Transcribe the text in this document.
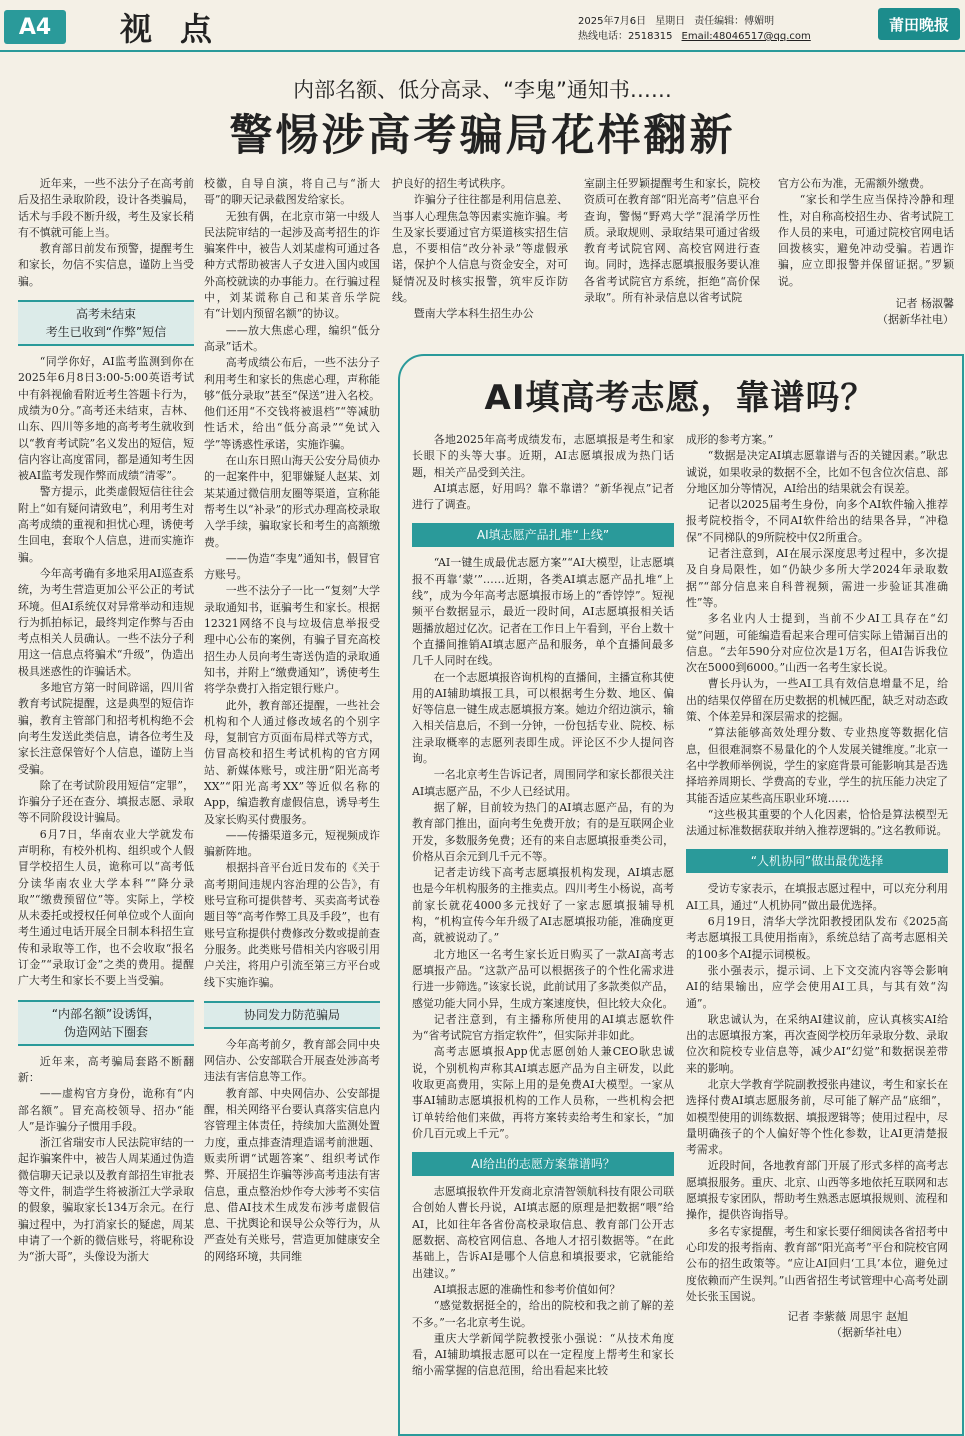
A4	视点	2025年7月6日 星期日 责任编辑：傅媚明
热线电话：2518315 Email:48046517@qq.com
莆田晚报
内部名额、低分高录、“李鬼”通知书……
警惕涉高考骗局花样翻新

近年来，一些不法分子在高考前后及招生录取阶段，设计各类骗局，话术与手段不断升级，考生及家长稍有不慎就可能上当。

教育部日前发布预警，提醒考生和家长，勿信不实信息，谨防上当受骗。

高考未结束
考生已收到“作弊”短信

“同学你好，AI监考监测到你在2025年6月8日3:00-5:00英语考试中有斜视偷看附近考生答题卡行为，成绩为0分。”高考还未结束，吉林、山东、四川等多地的高考考生就收到以“教育考试院”名义发出的短信，短信内容让高度雷同，都是通知考生因被AI监考发现作弊而成绩“清零”。

警方提示，此类虚假短信往往会附上“如有疑问请致电”，利用考生对高考成绩的重视和担忧心理，诱使考生回电，套取个人信息，进而实施诈骗。

今年高考确有多地采用AI巡查系统，为考生营造更加公平公正的考试环境。但AI系统仅对异常举动和违规行为抓拍标记，最终判定作弊与否由考点相关人员确认。一些不法分子利用这一信息点将骗术“升级”，伪造出极具迷惑性的诈骗话术。

多地官方第一时间辟谣，四川省教育考试院提醒，这是典型的短信诈骗，教育主管部门和招考机构绝不会向考生发送此类信息，请各位考生及家长注意保管好个人信息，谨防上当受骗。

除了在考试阶段用短信“定罪”，诈骗分子还在查分、填报志愿、录取等不同阶段设计骗局。

6月7日，华南农业大学就发布声明称，有校外机构、组织或个人假冒学校招生人员，诡称可以“高考低分读华南农业大学本科”“降分录取”“缴费预留位”等。实际上，学校从未委托或授权任何单位或个人面向考生通过电话开展全日制本科招生宣传和录取等工作，也不会收取“报名订金”“录取订金”之类的费用。提醒广大考生和家长不要上当受骗。

“内部名额”设诱饵，
伪造网站下圈套

近年来，高考骗局套路不断翻新：

——虚构官方身份，诡称有“内部名额”。冒充高校领导、招办“能人”是诈骗分子惯用手段。

浙江省瑞安市人民法院审结的一起诈骗案件中，被告人周某通过伪造微信聊天记录以及教育部招生审批表等文件，制造学生将被浙江大学录取的假象，骗取家长134万余元。在行骗过程中，为打消家长的疑虑，周某申请了一个新的微信账号，将昵称设为“浙大哥”，头像设为浙大

校徽，自导自演，将自己与“浙大哥”的聊天记录截图发给家长。

无独有偶，在北京市第一中级人民法院审结的一起涉及高考招生的诈骗案件中，被告人刘某虚构可通过各种方式帮助被害人子女进入国内或国外高校就读的办事能力。在行骗过程中，刘某谎称自己和某音乐学院有“计划内预留名额”的协议。

——放大焦虑心理，编织“低分高录”话术。

高考成绩公布后，一些不法分子利用考生和家长的焦虑心理，声称能够“低分录取”甚至“保送”进入名校。他们还用“不交钱将被退档”“等减肋性话术，给出“低分高录”“免试入学”等诱惑性承诺，实施诈骗。

在山东日照山海天公安分局侦办的一起案件中，犯罪嫌疑人赵某、刘某某通过微信朋友圈等渠道，宣称能帮考生以“补录”的形式办理高校录取入学手续，骗取家长和考生的高额缴费。

——伪造“李鬼”通知书，假冒官方账号。

一些不法分子一比一“复刻”大学录取通知书，诓骗考生和家长。根据12321网络不良与垃圾信息举报受理中心公布的案例，有骗子冒充高校招生办人员向考生寄送伪造的录取通知书，并附上“缴费通知”，诱使考生将学杂费打入指定银行账户。

此外，教育部还提醒，一些社会机构和个人通过修改域名的个别字母，复制官方页面布局样式等方式，仿冒高校和招生考试机构的官方网站、新媒体账号，或注册“阳光高考XX”“阳光高考XX”等近似名称的App，编造教育虚假信息，诱导考生及家长购买付费服务。

——传播渠道多元，短视频成诈骗新阵地。

根据抖音平台近日发布的《关于高考期间违规内容治理的公告》，有账号宣称可提供替考、买卖高考试卷题目等“高考作弊工具及手段”，也有账号宣称提供付费修改分数或提前查分服务。此类账号借相关内容吸引用户关注，将用户引流至第三方平台或线下实施诈骗。

协同发力防范骗局

今年高考前夕，教育部会同中央网信办、公安部联合开展查处涉高考违法有害信息等工作。

教育部、中央网信办、公安部提醒，相关网络平台要认真落实信息内容管理主体责任，持续加大监测处置力度，重点排查清理造谣考前泄题、贩卖所谓“试题答案”、组织考试作弊、开展招生诈骗等涉高考违法有害信息，重点整治炒作夸大涉考不实信息、借AI技术生成发布涉考虚假信息、干扰舆论和误导公众等行为，从严查处有关账号，营造更加健康安全的网络环境，共同维

护良好的招生考试秩序。

诈骗分子往往都是利用信息差、当事人心理焦急等因素实施诈骗。考生及家长要通过官方渠道核实招生信息，不要相信“改分补录”等虚假承诺，保护个人信息与资金安全，对可疑情况及时核实报警，筑牢反诈防线。

暨南大学本科生招生办公

室副主任罗颖提醒考生和家长，院校资质可在教育部“阳光高考”信息平台查询，警惕“野鸡大学”混淆学历性质。录取规则、录取结果可通过省级教育考试院官网、高校官网进行查询。同时，选择志愿填报服务要认准各省考试院官方系统，拒绝“高价保录取”。所有补录信息以省考试院

官方公布为准，无需额外缴费。

“家长和学生应当保持冷静和理性，对自称高校招生办、省考试院工作人员的来电，可通过院校官网电话回拨核实，避免冲动受骗。若遇诈骗，应立即报警并保留证据。”罗颖说。

记者 杨淑馨
（据新华社电）
AI填高考志愿，靠谱吗？

各地2025年高考成绩发布，志愿填报是考生和家长眼下的头等大事。近期，AI志愿填报成为热门话题，相关产品受到关注。

AI填志愿，好用吗？靠不靠谱？“新华视点”记者进行了调查。

AI填志愿产品扎堆“上线”

“AI一键生成最优志愿方案”“AI大模型，让志愿填报不再靠‘蒙’”……近期，各类AI填志愿产品扎堆“上线”，成为今年高考志愿填报市场上的“香饽饽”。短视频平台数据显示，最近一段时间，AI志愿填报相关话题播放超过亿次。记者在工作日上午看到，平台上数十个直播间推销AI填志愿产品和服务，单个直播间最多几千人同时在线。

在一个志愿填报咨询机构的直播间，主播宣称其使用的AI辅助填报工具，可以根据考生分数、地区、偏好等信息一键生成志愿填报方案。她边介绍边演示，输入相关信息后，不到一分钟，一份包括专业、院校、标注录取概率的志愿列表即生成。评论区不少人提问咨询。

一名北京考生告诉记者，周围同学和家长都很关注AI填志愿产品，不少人已经试用。

据了解，目前较为热门的AI填志愿产品，有的为教育部门推出，面向考生免费开放；有的是互联网企业开发，多数服务免费；还有的来自志愿填报垂类公司，价格从百余元到几千元不等。

记者走访线下高考志愿填报机构发现，AI填志愿也是今年机构服务的主推卖点。四川考生小杨说，高考前家长就花4000多元找好了一家志愿填报辅导机构，“机构宣传今年升级了AI志愿填报功能，准确度更高，就被说动了。”

北方地区一名考生家长近日购买了一款AI高考志愿填报产品。“这款产品可以根据孩子的个性化需求进行进一步筛选。”该家长说，此前试用了多款类似产品，感觉功能大同小异，生成方案速度快，但比较大众化。

记者注意到，有主播称所使用的AI填志愿软件为“省考试院官方指定软件”，但实际并非如此。

高考志愿填报App优志愿创始人兼CEO耿忠诚说，个别机构声称其AI填志愿产品为自主研发，以此收取更高费用，实际上用的是免费AI大模型。一家从事AI辅助志愿填报机构的工作人员称，一些机构会把订单转给他们来做，再将方案转卖给考生和家长，“加价几百元或上千元”。

AI给出的志愿方案靠谱吗？

志愿填报软件开发商北京清智领航科技有限公司联合创始人曹长丹说，AI填志愿的原理是把数据“喂”给AI，比如往年各省份高校录取信息、教育部门公开志愿数据、高校官网信息、各地人才招引数据等。“在此基础上，告诉AI是哪个人信息和填报要求，它就能给出建议。”

AI填报志愿的准确性和参考价值如何？

“感觉数据挺全的，给出的院校和我之前了解的差不多。”一名北京考生说。

重庆大学新闻学院教授张小强说：“从技术角度看，AI辅助填报志愿可以在一定程度上帮考生和家长缩小需掌握的信息范围，给出看起来比较

成形的参考方案。”

“数据是决定AI填志愿靠谱与否的关键因素。”耿忠诚说，如果收录的数据不全，比如不包含位次信息、部分地区加分等情况，AI给出的结果就会有误差。

记者以2025届考生身份，向多个AI软件输入推荐报考院校指令，不同AI软件给出的结果各异，“冲稳保”不同梯队的9所院校中仅2所重合。

记者注意到，AI在展示深度思考过程中，多次提及自身局限性，如“仍缺少多所大学2024年录取数据”“部分信息来自科普视频，需进一步验证其准确性”等。

多名业内人士提到，当前不少AI工具存在“幻觉”问题，可能编造看起来合理可信实际上错漏百出的信息。“去年590分对应位次是1万名，但AI告诉我位次在5000到6000。”山西一名考生家长说。

曹长丹认为，一些AI工具有效信息增量不足，给出的结果仅停留在历史数据的机械匹配，缺乏对动态政策、个体差异和深层需求的挖掘。

“算法能够高效处理分数、专业热度等数据化信息，但很难洞察不易量化的个人发展关键维度。”北京一名中学教师举例说，学生的家庭背景可能影响其是否选择培养周期长、学费高的专业，学生的抗压能力决定了其能否适应某些高压职业环境……

“这些极其重要的个人化因素，恰恰是算法模型无法通过标准数据获取并纳入推荐逻辑的。”这名教师说。

“人机协同”做出最优选择

受访专家表示，在填报志愿过程中，可以充分利用AI工具，通过“人机协同”做出最优选择。

6月19日，清华大学沈阳教授团队发布《2025高考志愿填报工具使用指南》，系统总结了高考志愿相关的100多个AI提示词模板。

张小强表示，提示词、上下文交流内容等会影响AI的结果输出，应学会使用AI工具，与其有效“沟通”。

耿忠诚认为，在采纳AI建议前，应认真核实AI给出的志愿填报方案，再次查阅学校历年录取分数、录取位次和院校专业信息等，减少AI“幻觉”和数据误差带来的影响。

北京大学教育学院副教授张冉建议，考生和家长在选择付费AI填志愿服务前，尽可能了解产品“底细”，如模型使用的训练数据、填报逻辑等；使用过程中，尽量明确孩子的个人偏好等个性化参数，让AI更清楚报考需求。

近段时间，各地教育部门开展了形式多样的高考志愿填报服务。重庆、北京、山西等多地依托互联网和志愿填报专家团队，帮助考生熟悉志愿填报规则、流程和操作，提供咨询指导。

多名专家提醒，考生和家长要仔细阅读各省招考中心印发的报考指南、教育部“阳光高考”平台和院校官网公布的招生政策等。“应让AI回归‘工具’本位，避免过度依赖而产生误判。”山西省招生考试管理中心高考处副处长张玉国说。

记者 李紫薇 周思宇 赵旭
（据新华社电）
